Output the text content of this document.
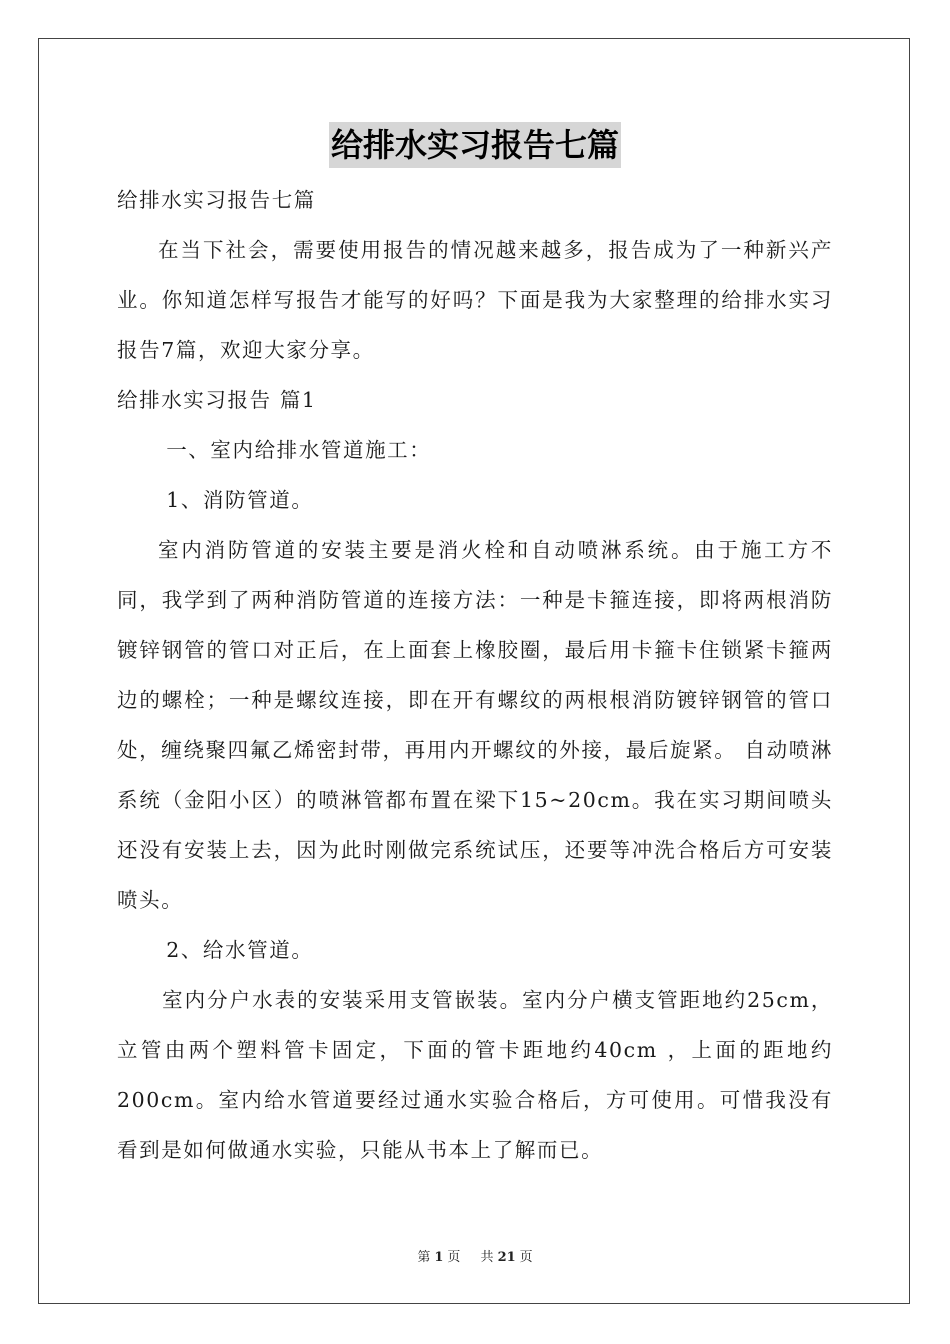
给排水实习报告七篇
给排水实习报告七篇
在当下社会，需要使用报告的情况越来越多，报告成为了一种新兴产业。你知道怎样写报告才能写的好吗？下面是我为大家整理的给排水实习报告7篇，欢迎大家分享。
给排水实习报告 篇1
一、室内给排水管道施工：
1、消防管道。
室内消防管道的安装主要是消火栓和自动喷淋系统。由于施工方不同，我学到了两种消防管道的连接方法：一种是卡箍连接，即将两根消防镀锌钢管的管口对正后，在上面套上橡胶圈，最后用卡箍卡住锁紧卡箍两边的螺栓；一种是螺纹连接，即在开有螺纹的两根根消防镀锌钢管的管口处，缠绕聚四氟乙烯密封带，再用内开螺纹的外接，最后旋紧。 自动喷淋系统（金阳小区）的喷淋管都布置在梁下15~20cm。我在实习期间喷头还没有安装上去，因为此时刚做完系统试压，还要等冲洗合格后方可安装喷头。
2、给水管道。
室内分户水表的安装采用支管嵌装。室内分户横支管距地约25cm，立管由两个塑料管卡固定，下面的管卡距地约40cm ，上面的距地约200cm。室内给水管道要经过通水实验合格后，方可使用。可惜我没有看到是如何做通水实验，只能从书本上了解而已。
第 1 页 共 21 页
